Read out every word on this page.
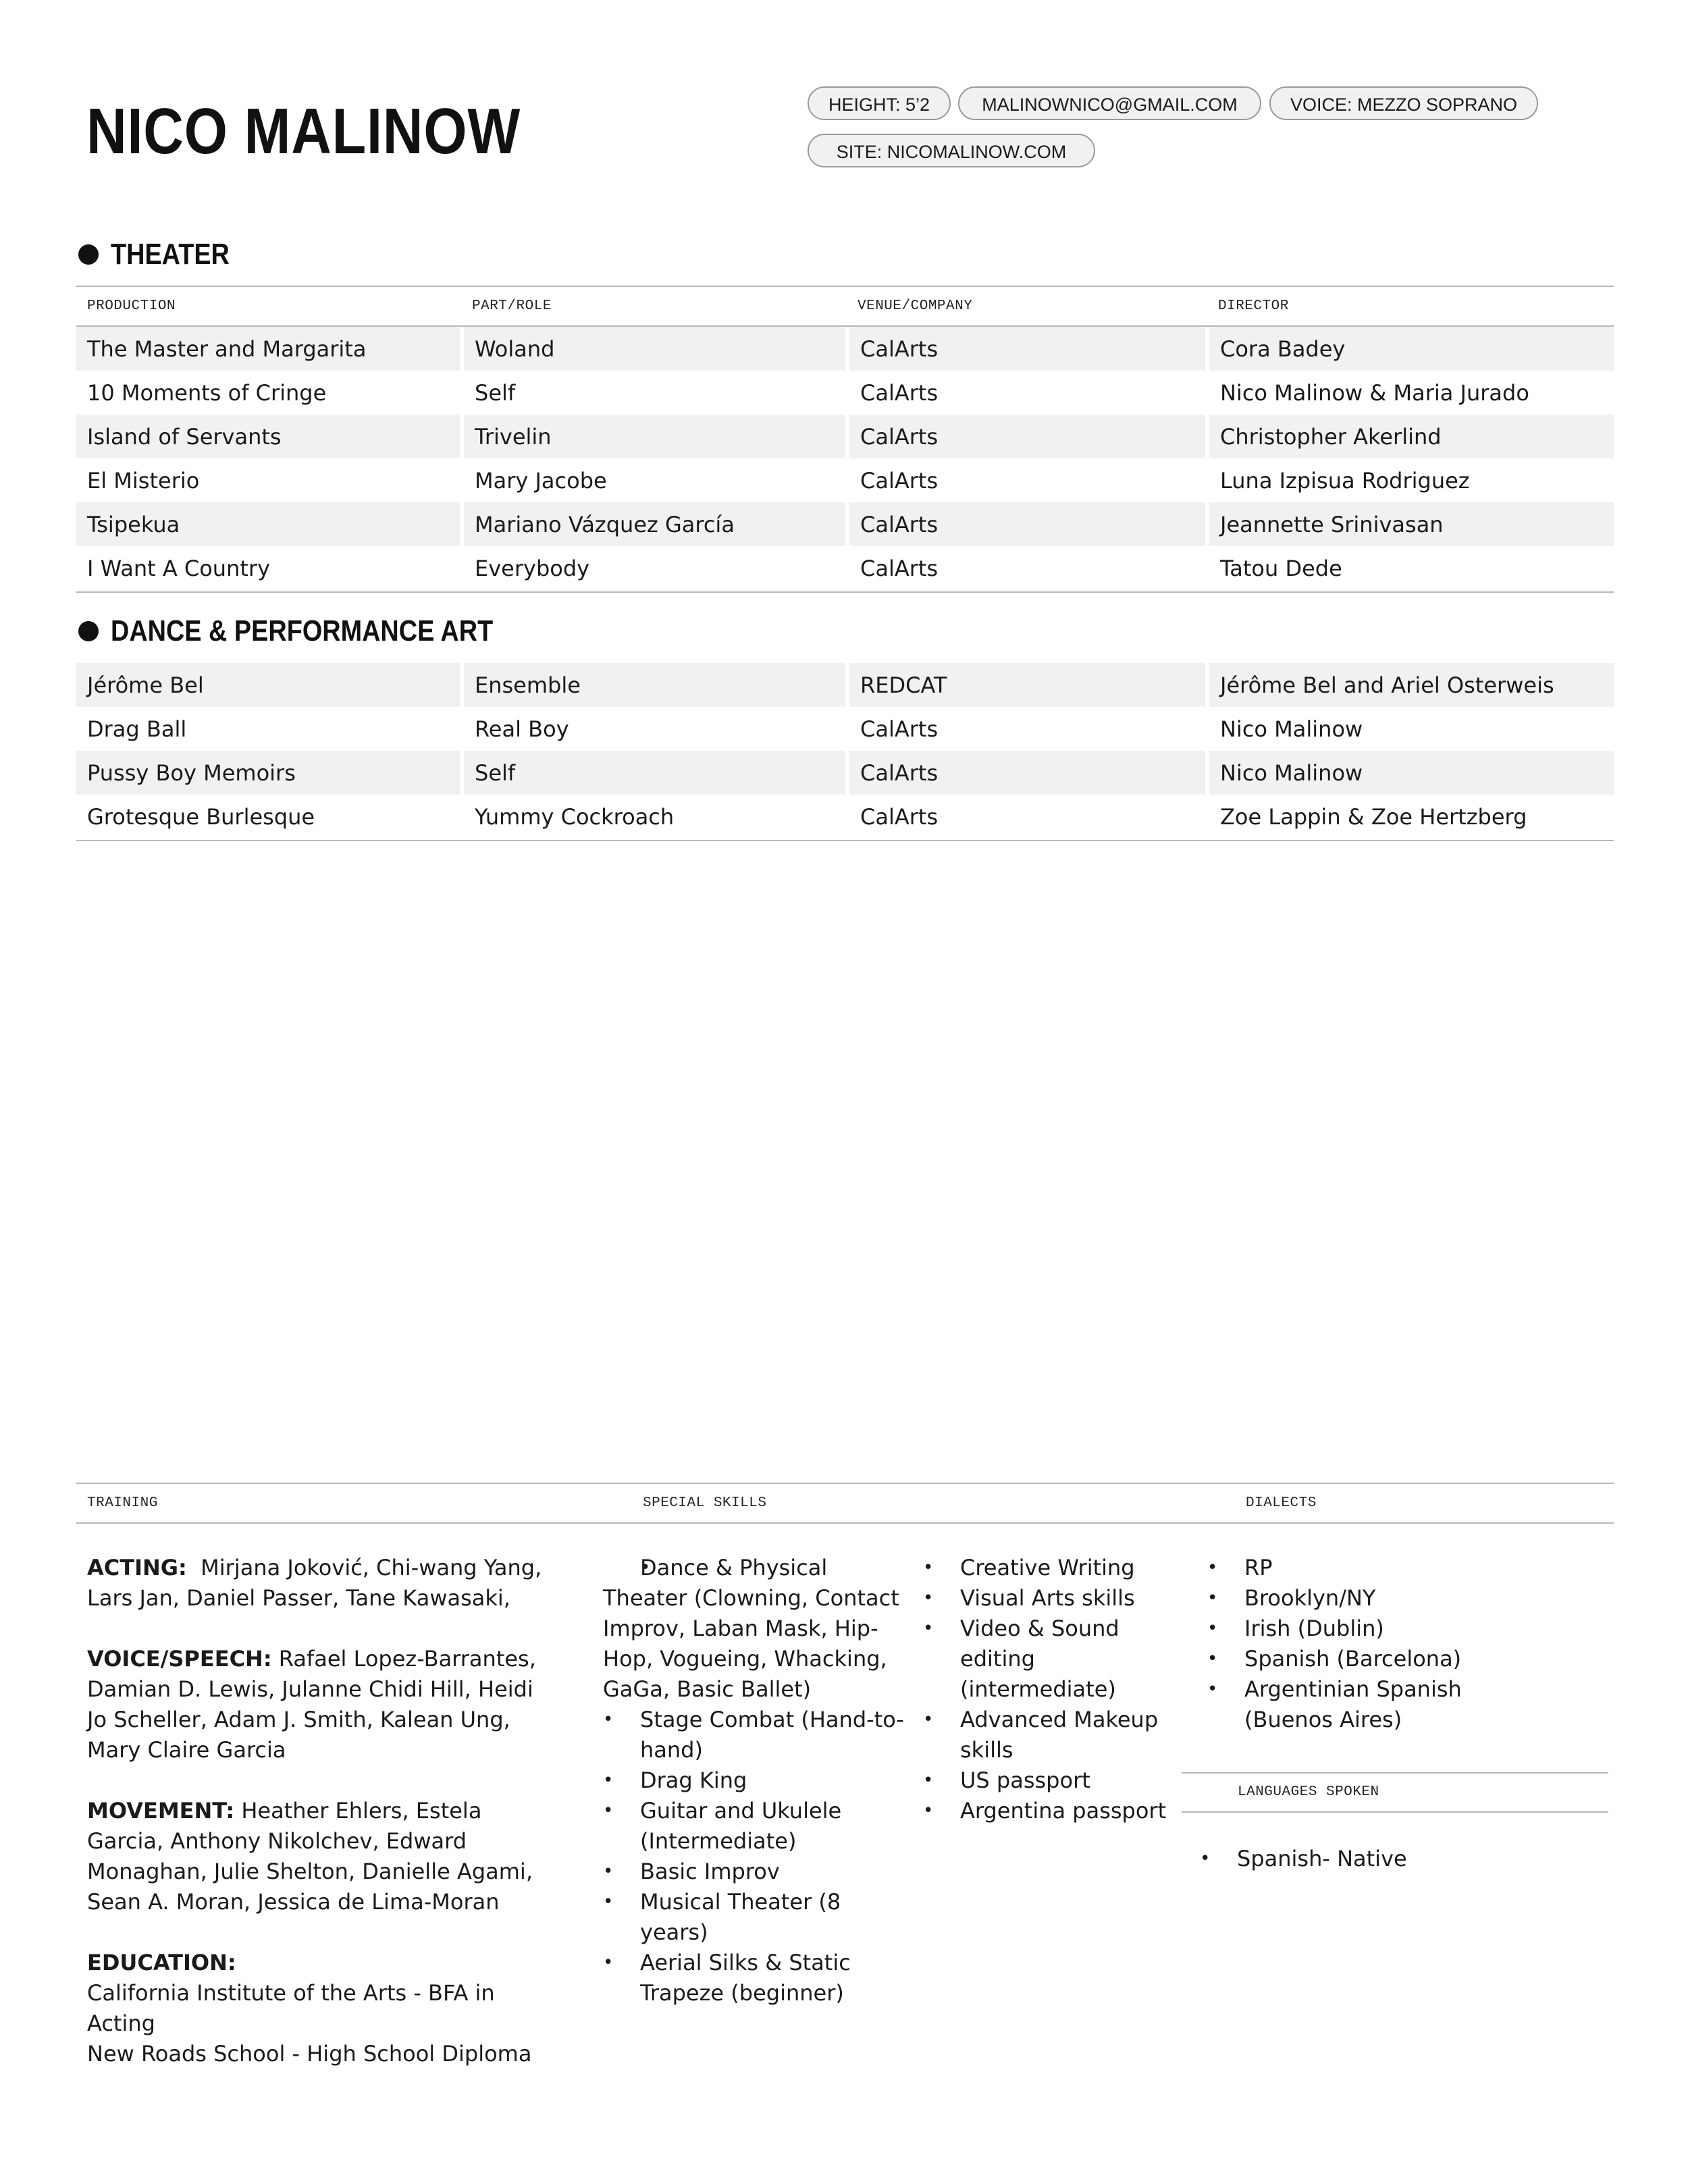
NICO MALINOW	HEIGHT: 5’2	MALINOWNICO@GMAIL.COM	VOICE: MEZZO SOPRANO
SITE: NICOMALINOW.COM
THEATER
PRODUCTION	PART/ROLE	VENUE/COMPANY	DIRECTOR
The Master and Margarita	Woland	CalArts	Cora Badey
10 Moments of Cringe	Self	CalArts	Nico Malinow & Maria Jurado
Island of Servants	Trivelin	CalArts	Christopher Akerlind
El Misterio	Mary Jacobe	CalArts	Luna Izpisua Rodriguez
Tsipekua	Mariano Vázquez García	CalArts	Jeannette Srinivasan
I Want A Country	Everybody	CalArts	Tatou Dede
DANCE & PERFORMANCE ART
Jérôme Bel	Ensemble	REDCAT	Jérôme Bel and Ariel Osterweis
Drag Ball	Real Boy	CalArts	Nico Malinow
Pussy Boy Memoirs	Self	CalArts	Nico Malinow
Grotesque Burlesque	Yummy Cockroach	CalArts	Zoe Lappin & Zoe Hertzberg
TRAINING	SPECIAL SKILLS	DIALECTS
ACTING: Mirjana Joković, Chi-wang Yang, Lars Jan, Daniel Passer, Tane Kawasaki,
VOICE/SPEECH: Rafael Lopez-Barrantes, Damian D. Lewis, Julanne Chidi Hill, Heidi Jo Scheller, Adam J. Smith, Kalean Ung, Mary Claire Garcia
MOVEMENT: Heather Ehlers, Estela Garcia, Anthony Nikolchev, Edward Monaghan, Julie Shelton, Danielle Agami, Sean A. Moran, Jessica de Lima-Moran
EDUCATION:
California Institute of the Arts - BFA in Acting
New Roads School - High School Diploma
• Dance & Physical Theater (Clowning, Contact Improv, Laban Mask, Hip-Hop, Vogueing, Whacking, GaGa, Basic Ballet)
• Stage Combat (Hand-to-hand)
• Drag King
• Guitar and Ukulele (Intermediate)
• Basic Improv
• Musical Theater (8 years)
• Aerial Silks & Static Trapeze (beginner)
• Creative Writing
• Visual Arts skills
• Video & Sound editing (intermediate)
• Advanced Makeup skills
• US passport
• Argentina passport
• RP
• Brooklyn/NY
• Irish (Dublin)
• Spanish (Barcelona)
• Argentinian Spanish (Buenos Aires)
LANGUAGES SPOKEN
• Spanish- Native
